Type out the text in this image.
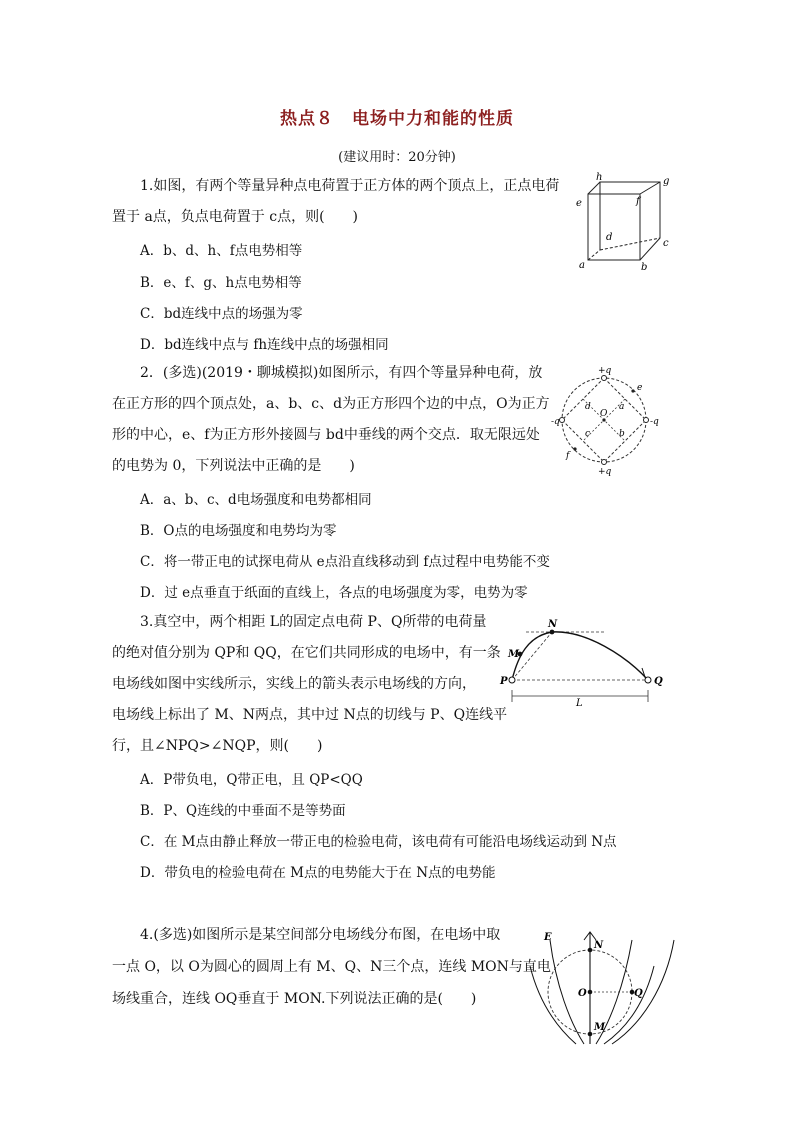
热点８　电场中力和能的性质
(建议用时：20分钟)
1.如图，有两个等量异种点电荷置于正方体的两个顶点上，正点电荷
置于 a点，负点电荷置于 c点，则(　　)
A．b、d、h、f点电势相等
B．e、f、g、h点电势相等
C．bd连线中点的场强为零
D．bd连线中点与 fh连线中点的场强相同
h	g
e	f
d
a	b
c
2．(多选)(2019・聊城模拟)如图所示，有四个等量异种电荷，放
在正方形的四个顶点处，a、b、c、d为正方形四个边的中点，O为正方
形的中心，e、f为正方形外接圆与 bd中垂线的两个交点．取无限远处
的电势为 0，下列说法中正确的是　　)
A．a、b、c、d电场强度和电势都相同
B．O点的电场强度和电势均为零
C．将一带正电的试探电荷从 e点沿直线移动到 f点过程中电势能不变
D．过 e点垂直于纸面的直线上，各点的电场强度为零，电势为零
+q
-q
+q
-q
e
f
a
b
c
d
O
3.真空中，两个相距 L的固定点电荷 P、Q所带的电荷量
的绝对值分别为 QP和 QQ，在它们共同形成的电场中，有一条
电场线如图中实线所示，实线上的箭头表示电场线的方向，
电场线上标出了 M、N两点，其中过 N点的切线与 P、Q连线平
行，且∠NPQ>∠NQP，则(　　)
A．P带负电，Q带正电，且 QP<QQ
B．P、Q连线的中垂面不是等势面
C．在 M点由静止释放一带正电的检验电荷，该电荷有可能沿电场线运动到 N点
D．带负电的检验电荷在 M点的电势能大于在 N点的电势能
N
M
P	Q
L
4.(多选)如图所示是某空间部分电场线分布图，在电场中取
一点 O，以 O为圆心的圆周上有 M、Q、N三个点，连线 MON与直电
场线重合，连线 OQ垂直于 MON.下列说法正确的是(　　)
E
N
O	Q
M
